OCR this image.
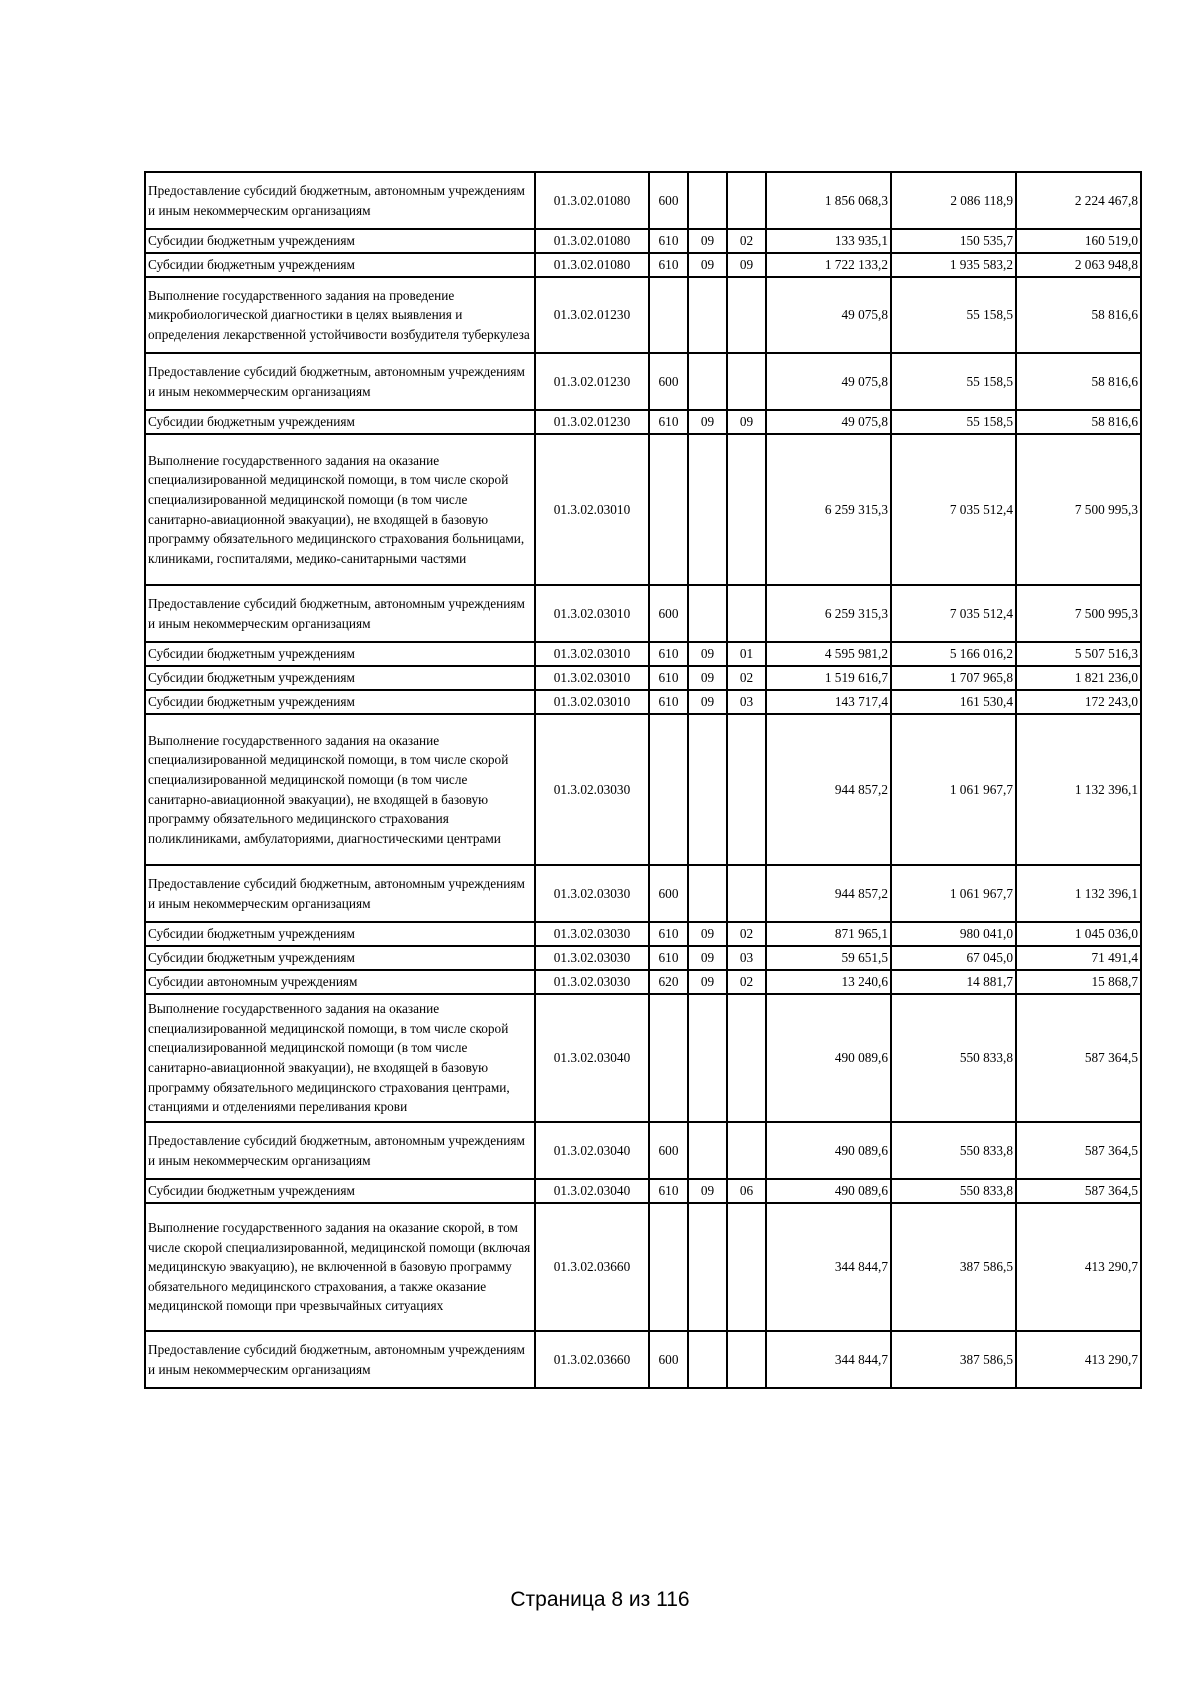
Предоставление субсидий бюджетным, автономным учреждениям и иным некоммерческим организациям	01.3.02.01080	600			1 856 068,3	2 086 118,9	2 224 467,8
Субсидии бюджетным учреждениям	01.3.02.01080	610	09	02	133 935,1	150 535,7	160 519,0
Субсидии бюджетным учреждениям	01.3.02.01080	610	09	09	1 722 133,2	1 935 583,2	2 063 948,8
Выполнение государственного задания на проведение микробиологической диагностики в целях выявления и определения лекарственной устойчивости возбудителя туберкулеза	01.3.02.01230				49 075,8	55 158,5	58 816,6
Предоставление субсидий бюджетным, автономным учреждениям и иным некоммерческим организациям	01.3.02.01230	600			49 075,8	55 158,5	58 816,6
Субсидии бюджетным учреждениям	01.3.02.01230	610	09	09	49 075,8	55 158,5	58 816,6
Выполнение государственного задания на оказание специализированной медицинской помощи, в том числе скорой специализированной медицинской помощи (в том числе санитарно-авиационной эвакуации), не входящей в базовую программу обязательного медицинского страхования больницами, клиниками, госпиталями, медико-санитарными частями	01.3.02.03010				6 259 315,3	7 035 512,4	7 500 995,3
Предоставление субсидий бюджетным, автономным учреждениям и иным некоммерческим организациям	01.3.02.03010	600			6 259 315,3	7 035 512,4	7 500 995,3
Субсидии бюджетным учреждениям	01.3.02.03010	610	09	01	4 595 981,2	5 166 016,2	5 507 516,3
Субсидии бюджетным учреждениям	01.3.02.03010	610	09	02	1 519 616,7	1 707 965,8	1 821 236,0
Субсидии бюджетным учреждениям	01.3.02.03010	610	09	03	143 717,4	161 530,4	172 243,0
Выполнение государственного задания на оказание специализированной медицинской помощи, в том числе скорой специализированной медицинской помощи (в том числе санитарно-авиационной эвакуации), не входящей в базовую программу обязательного медицинского страхования поликлиниками, амбулаториями, диагностическими центрами	01.3.02.03030				944 857,2	1 061 967,7	1 132 396,1
Предоставление субсидий бюджетным, автономным учреждениям и иным некоммерческим организациям	01.3.02.03030	600			944 857,2	1 061 967,7	1 132 396,1
Субсидии бюджетным учреждениям	01.3.02.03030	610	09	02	871 965,1	980 041,0	1 045 036,0
Субсидии бюджетным учреждениям	01.3.02.03030	610	09	03	59 651,5	67 045,0	71 491,4
Субсидии автономным учреждениям	01.3.02.03030	620	09	02	13 240,6	14 881,7	15 868,7
Выполнение государственного задания на оказание специализированной медицинской помощи, в том числе скорой специализированной медицинской помощи (в том числе санитарно-авиационной эвакуации), не входящей в базовую программу обязательного медицинского страхования центрами, станциями и отделениями переливания крови	01.3.02.03040				490 089,6	550 833,8	587 364,5
Предоставление субсидий бюджетным, автономным учреждениям и иным некоммерческим организациям	01.3.02.03040	600			490 089,6	550 833,8	587 364,5
Субсидии бюджетным учреждениям	01.3.02.03040	610	09	06	490 089,6	550 833,8	587 364,5
Выполнение государственного задания на оказание скорой, в том числе скорой специализированной, медицинской помощи (включая медицинскую эвакуацию), не включенной в базовую программу обязательного медицинского страхования, а также оказание медицинской помощи при чрезвычайных ситуациях	01.3.02.03660				344 844,7	387 586,5	413 290,7
Предоставление субсидий бюджетным, автономным учреждениям и иным некоммерческим организациям	01.3.02.03660	600			344 844,7	387 586,5	413 290,7
Страница 8 из 116
